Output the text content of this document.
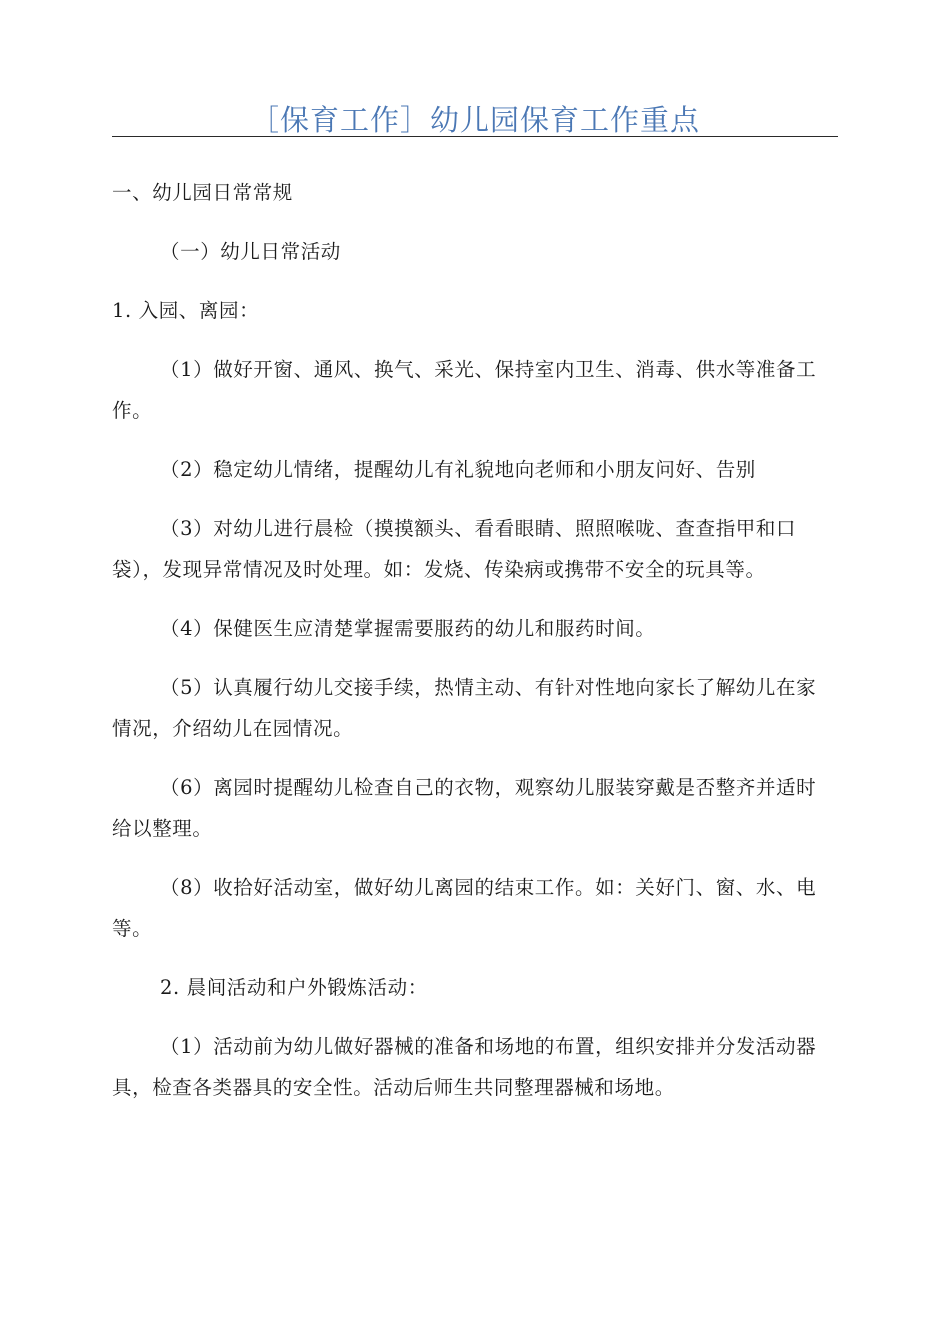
［保育工作］幼儿园保育工作重点

一、幼儿园日常常规

（一）幼儿日常活动

1. 入园、离园：

（1）做好开窗、通风、换气、采光、保持室内卫生、消毒、供水等准备工作。

（2）稳定幼儿情绪，提醒幼儿有礼貌地向老师和小朋友问好、告别

（3）对幼儿进行晨检（摸摸额头、看看眼睛、照照喉咙、查查指甲和口袋），发现异常情况及时处理。如：发烧、传染病或携带不安全的玩具等。

（4）保健医生应清楚掌握需要服药的幼儿和服药时间。

（5）认真履行幼儿交接手续，热情主动、有针对性地向家长了解幼儿在家情况，介绍幼儿在园情况。

（6）离园时提醒幼儿检查自己的衣物，观察幼儿服装穿戴是否整齐并适时给以整理。

（8）收拾好活动室，做好幼儿离园的结束工作。如：关好门、窗、水、电等。

2. 晨间活动和户外锻炼活动：

（1）活动前为幼儿做好器械的准备和场地的布置，组织安排并分发活动器具，检查各类器具的安全性。活动后师生共同整理器械和场地。
